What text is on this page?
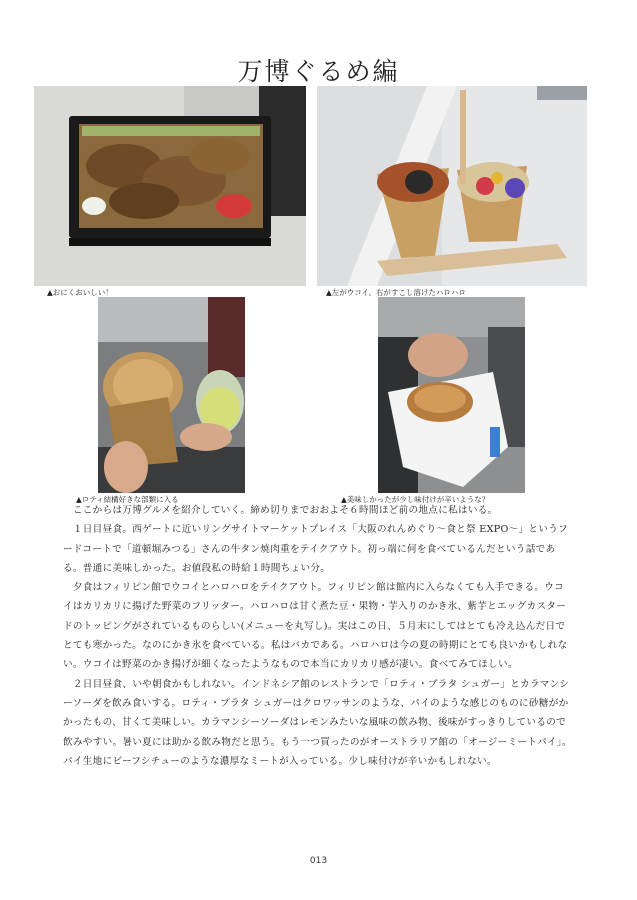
万博ぐるめ編
▲おにくおいしい！	▲左がウコイ、右がすこし溶けたハロハロ
▲ロティ結構好きな部類に入る	▲美味しかったが少し味付けが辛いような？

　ここからは万博グルメを紹介していく。締め切りまでおおよそ６時間ほど前の地点に私はいる。

　１日目昼食。西ゲートに近いリングサイトマーケットプレイス「大阪のれんめぐり〜食と祭 EXPO〜」というフードコートで「道頓堀みつる」さんの牛タン焼肉重をテイクアウト。初っ端に何を食べているんだという話である。普通に美味しかった。お値段私の時給１時間ちょい分。

　夕食はフィリピン館でウコイとハロハロをテイクアウト。フィリピン館は館内に入らなくても入手できる。ウコイはカリカリに揚げた野菜のフリッター。ハロハロは甘く煮た豆・果物・芋入りのかき氷、紫芋とエッグカスタードのトッピングがされているものらしい(メニューを丸写し)。実はこの日、５月末にしてはとても冷え込んだ日でとても寒かった。なのにかき氷を食べている。私はバカである。ハロハロは今の夏の時期にとても良いかもしれない。ウコイは野菜のかき揚げが細くなったようなもので本当にカリカリ感が凄い。食べてみてほしい。

　２日目昼食、いや朝食かもしれない。インドネシア館のレストランで「ロティ・ブラタ シュガー」とカラマンシーソーダを飲み食いする。ロティ・プラタ シュガーはクロワッサンのような、パイのような感じのものに砂糖がかかったもの、甘くて美味しい。カラマンシーソーダはレモンみたいな風味の飲み物、後味がすっきりしているので飲みやすい。暑い夏には助かる飲み物だと思う。もう一つ買ったのがオーストラリア館の「オージーミートパイ」。パイ生地にビーフシチューのような濃厚なミートが入っている。少し味付けが辛いかもしれない。

013
